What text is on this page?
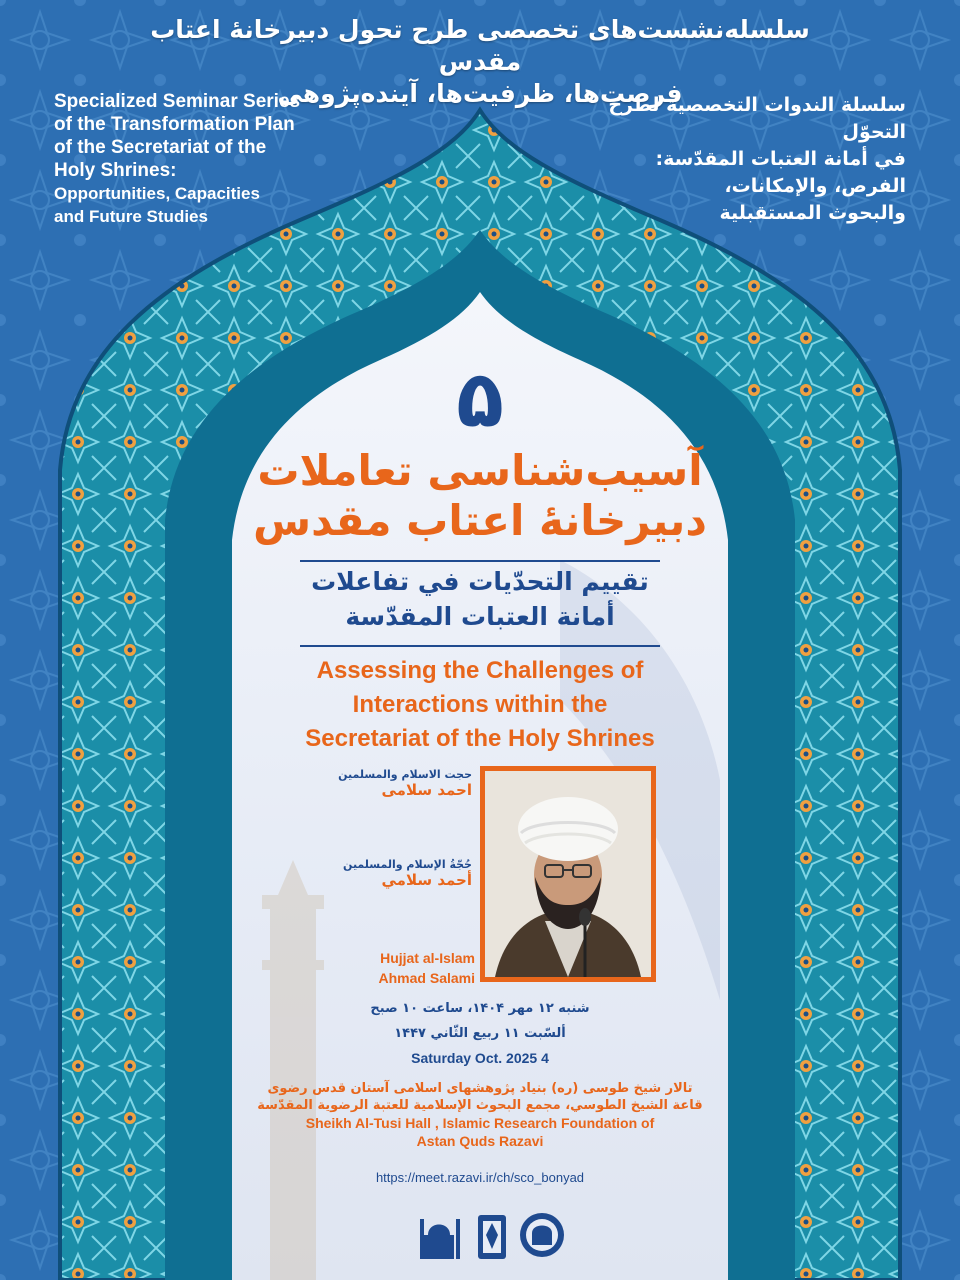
سلسله‌نشست‌های تخصصی طرح تحول دبیرخانهٔ اعتاب مقدس
فرصت‌ها، ظرفیت‌ها، آینده‌پژوهی
Specialized Seminar Series
of the Transformation Plan
of the Secretariat of the
Holy Shrines:
Opportunities, Capacities
and Future Studies
سلسلة الندوات التخصصية لطرح التحوّل
في أمانة العتبات المقدّسة:
الفرص، والإمكانات،
والبحوث المستقبلية
۵
آسیب‌شناسی تعاملات
دبیرخانهٔ اعتاب مقدس
تقييم التحدّيات في تفاعلات
أمانة العتبات المقدّسة
Assessing the Challenges of
Interactions within the
Secretariat of the Holy Shrines
حجت الاسلام والمسلمین
احمد سلامی
حُجّةُ الإسلام والمسلمين
أحمد سلامي
Hujjat al-Islam
Ahmad Salami
شنبه ۱۲ مهر ۱۴۰۴، ساعت ۱۰ صبح
ألسّبت ۱۱ ربيع الثّاني ۱۴۴۷
Saturday Oct. 2025 4
تالار شیخ طوسی (ره) بنیاد پژوهشهای اسلامی آستان قدس رضوی
قاعة الشيخ الطوسي، مجمع البحوث الإسلامية للعتبة الرضوية المقدّسة
Sheikh Al-Tusi Hall , Islamic Research Foundation of
Astan Quds Razavi
https://meet.razavi.ir/ch/sco_bonyad
